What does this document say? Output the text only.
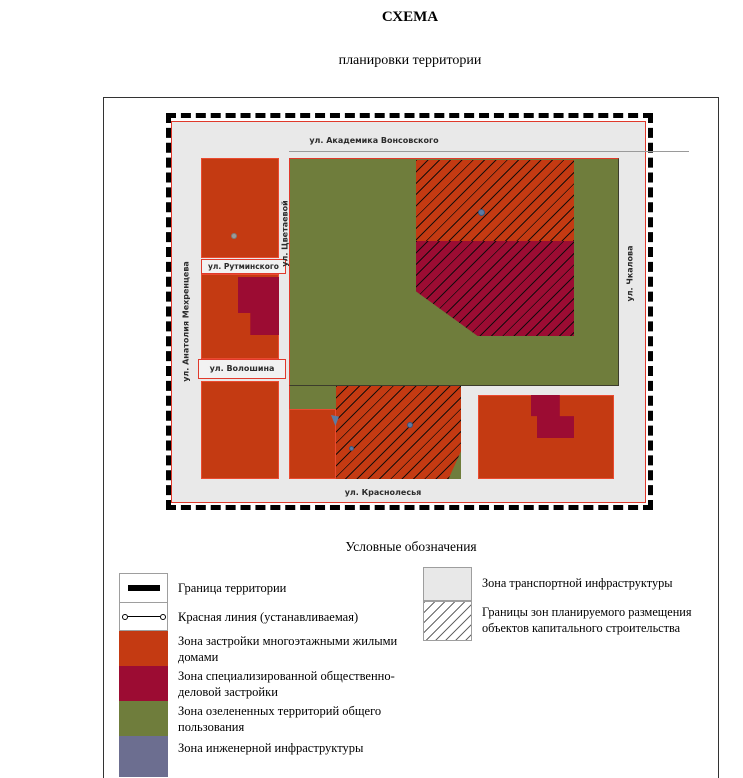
СХЕМА
планировки территории
ул. Рутминского
ул. Волошина
ул. Академика Вонсовского
ул. Краснолесья
ул. Анатолия Мехренцева
ул. Цветаевой
ул. Чкалова
Условные обозначения
Граница территории
Красная линия (устанавливаемая)
Зона застройки многоэтажными жилыми домами
Зона специализированной общественно-деловой застройки
Зона озелененных территорий общего пользования
Зона инженерной инфраструктуры
Зона транспортной инфраструктуры
Границы зон планируемого размещения объектов капитального строительства
